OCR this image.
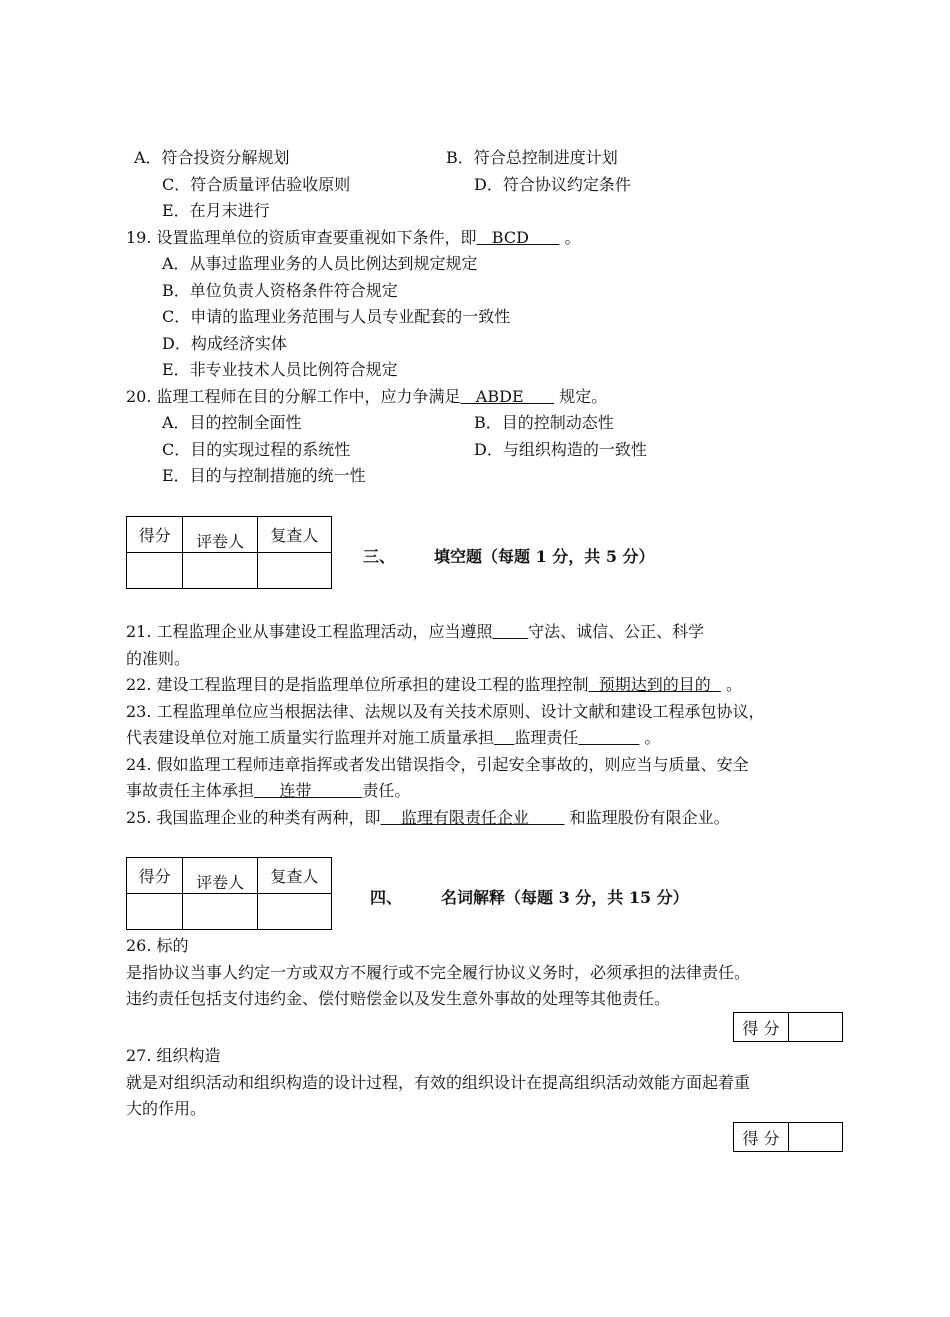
A．符合投资分解规划	B．符合总控制进度计划
C．符合质量评估验收原则	D．符合协议约定条件
E．在月末进行
19. 设置监理单位的资质审查要重视如下条件，即   BCD       。
A．从事过监理业务的人员比例达到规定规定
B．单位负责人资格条件符合规定
C．申请的监理业务范围与人员专业配套的一致性
D．构成经济实体
E．非专业技术人员比例符合规定
20. 监理工程师在目的分解工作中，应力争满足   ABDE       规定。
A．目的控制全面性	B．目的控制动态性
C．目的实现过程的系统性	D．与组织构造的一致性
E．目的与控制措施的统一性
得分	评卷人	复查人

三、 填空题（每题 1 分，共 5 分）
21. 工程监理企业从事建设工程监理活动，应当遵照 守法、诚信、公正、科学
的准则。
22. 建设工程监理目的是指监理单位所承担的建设工程的监理控制  预期达到的目的   。
23. 工程监理单位应当根据法律、法规以及有关技术原则、设计文献和建设工程承包协议，
代表建设单位对施工质量实行监理并对施工质量承担 监理责任	。
24. 假如监理工程师违章指挥或者发出错误指令，引起安全事故的，则应当与质量、安全
事故责任主体承担     连带          责任。
25. 我国监理企业的种类有两种，即    监理有限责任企业        和监理股份有限企业。
得分	评卷人	复查人

四、 名词解释（每题 3 分，共 15 分）
26. 标的
是指协议当事人约定一方或双方不履行或不完全履行协议义务时，必须承担的法律责任。
违约责任包括支付违约金、偿付赔偿金以及发生意外事故的处理等其他责任。
得 分	
27. 组织构造
就是对组织活动和组织构造的设计过程，有效的组织设计在提高组织活动效能方面起着重
大的作用。
得 分	
